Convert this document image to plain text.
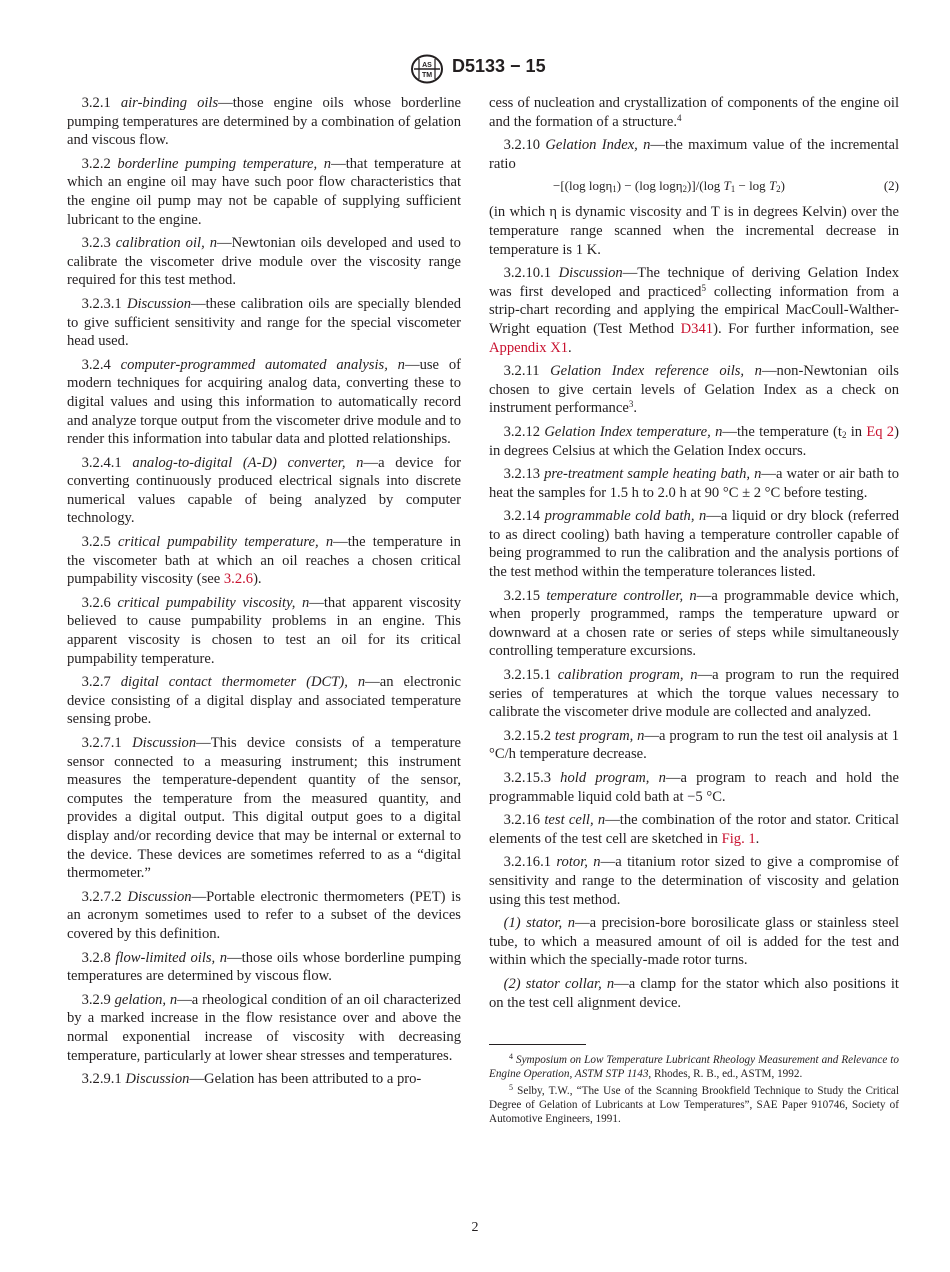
AS
TM D5133 − 15

 3.2.1 air-binding oils—those engine oils whose borderline pumping temperatures are determined by a combination of gelation and viscous flow.

 3.2.2 borderline pumping temperature, n—that temperature at which an engine oil may have such poor flow characteristics that the engine oil pump may not be capable of supplying sufficient lubricant to the engine.

 3.2.3 calibration oil, n—Newtonian oils developed and used to calibrate the viscometer drive module over the viscosity range required for this test method.

 3.2.3.1 Discussion—these calibration oils are specially blended to give sufficient sensitivity and range for the special viscometer head used.

 3.2.4 computer-programmed automated analysis, n—use of modern techniques for acquiring analog data, converting these to digital values and using this information to automatically record and analyze torque output from the viscometer drive module and to render this information into tabular data and plotted relationships.

 3.2.4.1 analog-to-digital (A-D) converter, n—a device for converting continuously produced electrical signals into discrete numerical values capable of being analyzed by computer technology.

 3.2.5 critical pumpability temperature, n—the temperature in the viscometer bath at which an oil reaches a chosen critical pumpability viscosity (see 3.2.6).

 3.2.6 critical pumpability viscosity, n—that apparent viscosity believed to cause pumpability problems in an engine. This apparent viscosity is chosen to test an oil for its critical pumpability temperature.

 3.2.7 digital contact thermometer (DCT), n—an electronic device consisting of a digital display and associated temperature sensing probe.

 3.2.7.1 Discussion—This device consists of a temperature sensor connected to a measuring instrument; this instrument measures the temperature-dependent quantity of the sensor, computes the temperature from the measured quantity, and provides a digital output. This digital output goes to a digital display and/or recording device that may be internal or external to the device. These devices are sometimes referred to as a “digital thermometer.”

 3.2.7.2 Discussion—Portable electronic thermometers (PET) is an acronym sometimes used to refer to a subset of the devices covered by this definition.

 3.2.8 flow-limited oils, n—those oils whose borderline pumping temperatures are determined by viscous flow.

 3.2.9 gelation, n—a rheological condition of an oil characterized by a marked increase in the flow resistance over and above the normal exponential increase of viscosity with decreasing temperature, particularly at lower shear stresses and temperatures.

 3.2.9.1 Discussion—Gelation has been attributed to a pro-

cess of nucleation and crystallization of components of the engine oil and the formation of a structure.$^4$

 3.2.10 Gelation Index, n—the maximum value of the incremental ratio

−[(log logη$_1$) − (log logη$_2$)]/(log $T_1 - \log T_2$)	(2)

(in which η is dynamic viscosity and T is in degrees Kelvin) over the temperature range scanned when the incremental decrease in temperature is 1 K.

 3.2.10.1 Discussion—The technique of deriving Gelation Index was first developed and practiced$^5$ collecting information from a strip-chart recording and applying the empirical MacCoull-Walther-Wright equation (Test Method D341). For further information, see Appendix X1.

 3.2.11 Gelation Index reference oils, n—non-Newtonian oils chosen to give certain levels of Gelation Index as a check on instrument performance$^3$.

 3.2.12 Gelation Index temperature, n—the temperature ($t_2$ in Eq 2) in degrees Celsius at which the Gelation Index occurs.

 3.2.13 pre-treatment sample heating bath, n—a water or air bath to heat the samples for 1.5 h to 2.0 h at 90 °C ± 2 °C before testing.

 3.2.14 programmable cold bath, n—a liquid or dry block (referred to as direct cooling) bath having a temperature controller capable of being programmed to run the calibration and the analysis portions of the test method within the temperature tolerances listed.

 3.2.15 temperature controller, n—a programmable device which, when properly programmed, ramps the temperature upward or downward at a chosen rate or series of steps while simultaneously controlling temperature excursions.

 3.2.15.1 calibration program, n—a program to run the required series of temperatures at which the torque values necessary to calibrate the viscometer drive module are collected and analyzed.

 3.2.15.2 test program, n—a program to run the test oil analysis at 1 °C/h temperature decrease.

 3.2.15.3 hold program, n—a program to reach and hold the programmable liquid cold bath at −5 °C.

 3.2.16 test cell, n—the combination of the rotor and stator. Critical elements of the test cell are sketched in Fig. 1.

 3.2.16.1 rotor, n—a titanium rotor sized to give a compromise of sensitivity and range to the determination of viscosity and gelation using this test method.

 (1) stator, n—a precision-bore borosilicate glass or stainless steel tube, to which a measured amount of oil is added for the test and within which the specially-made rotor turns.

 (2) stator collar, n—a clamp for the stator which also positions it on the test cell alignment device.

$^4$ Symposium on Low Temperature Lubricant Rheology Measurement and Relevance to Engine Operation, ASTM STP 1143, Rhodes, R. B., ed., ASTM, 1992.

$^5$ Selby, T.W., “The Use of the Scanning Brookfield Technique to Study the Critical Degree of Gelation of Lubricants at Low Temperatures”, SAE Paper 910746, Society of Automotive Engineers, 1991.

2
